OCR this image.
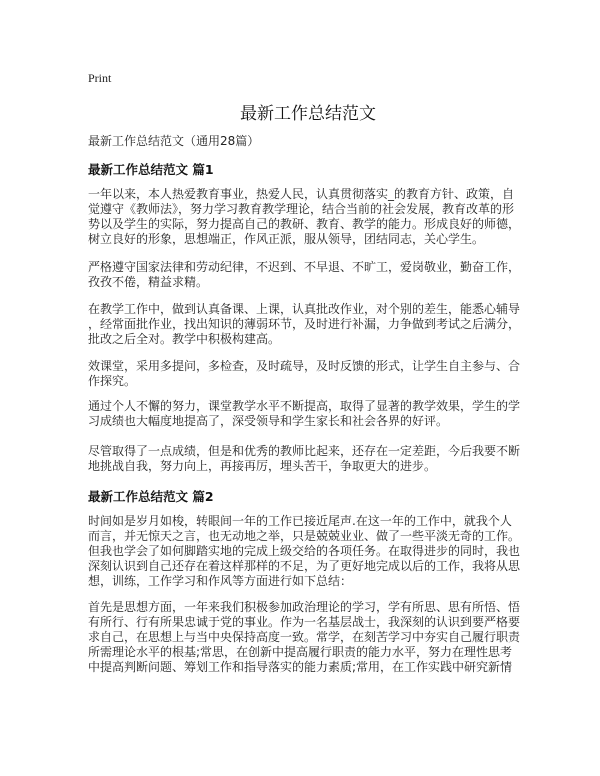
Print
最新工作总结范文
最新工作总结范文（通用28篇）
最新工作总结范文 篇1
一年以来，本人热爱教育事业，热爱人民，认真贯彻落实_的教育方针、政策，自
觉遵守《教师法》，努力学习教育教学理论，结合当前的社会发展，教育改革的形
势以及学生的实际，努力提高自己的教研、教育、教学的能力。形成良好的师德，
树立良好的形象，思想端正，作风正派，服从领导，团结同志，关心学生。
严格遵守国家法律和劳动纪律，不迟到、不早退、不旷工，爱岗敬业，勤奋工作，
孜孜不倦，精益求精。
在教学工作中，做到认真备课、上课，认真批改作业，对个别的差生，能悉心辅导
，经常面批作业，找出知识的薄弱环节，及时进行补漏，力争做到考试之后满分，
批改之后全对。教学中积极构建高。
效课堂，采用多提问，多检查，及时疏导，及时反馈的形式，让学生自主参与、合
作探究。
通过个人不懈的努力，课堂教学水平不断提高，取得了显著的教学效果，学生的学
习成绩也大幅度地提高了，深受领导和学生家长和社会各界的好评。
尽管取得了一点成绩，但是和优秀的教师比起来，还存在一定差距，今后我要不断
地挑战自我，努力向上，再接再厉，埋头苦干，争取更大的进步。
最新工作总结范文 篇2
时间如是岁月如梭，转眼间一年的工作已接近尾声.在这一年的工作中，就我个人
而言，并无惊天之言，也无动地之举，只是兢兢业业、做了一些平淡无奇的工作。
但我也学会了如何脚踏实地的完成上级交给的各项任务。在取得进步的同时，我也
深刻认识到自己还存在着这样那样的不足，为了更好地完成以后的工作，我将从思
想，训练，工作学习和作风等方面进行如下总结：
首先是思想方面，一年来我们积极参加政治理论的学习，学有所思、思有所悟、悟
有所行、行有所果忠诚于党的事业。作为一名基层战士，我深刻的认识到要严格要
求自己，在思想上与当中央保持高度一致。常学，在刻苦学习中夯实自己履行职责
所需理论水平的根基;常思，在创新中提高履行职责的能力水平，努力在理性思考
中提高判断问题、筹划工作和指导落实的能力素质;常用，在工作实践中研究新情
